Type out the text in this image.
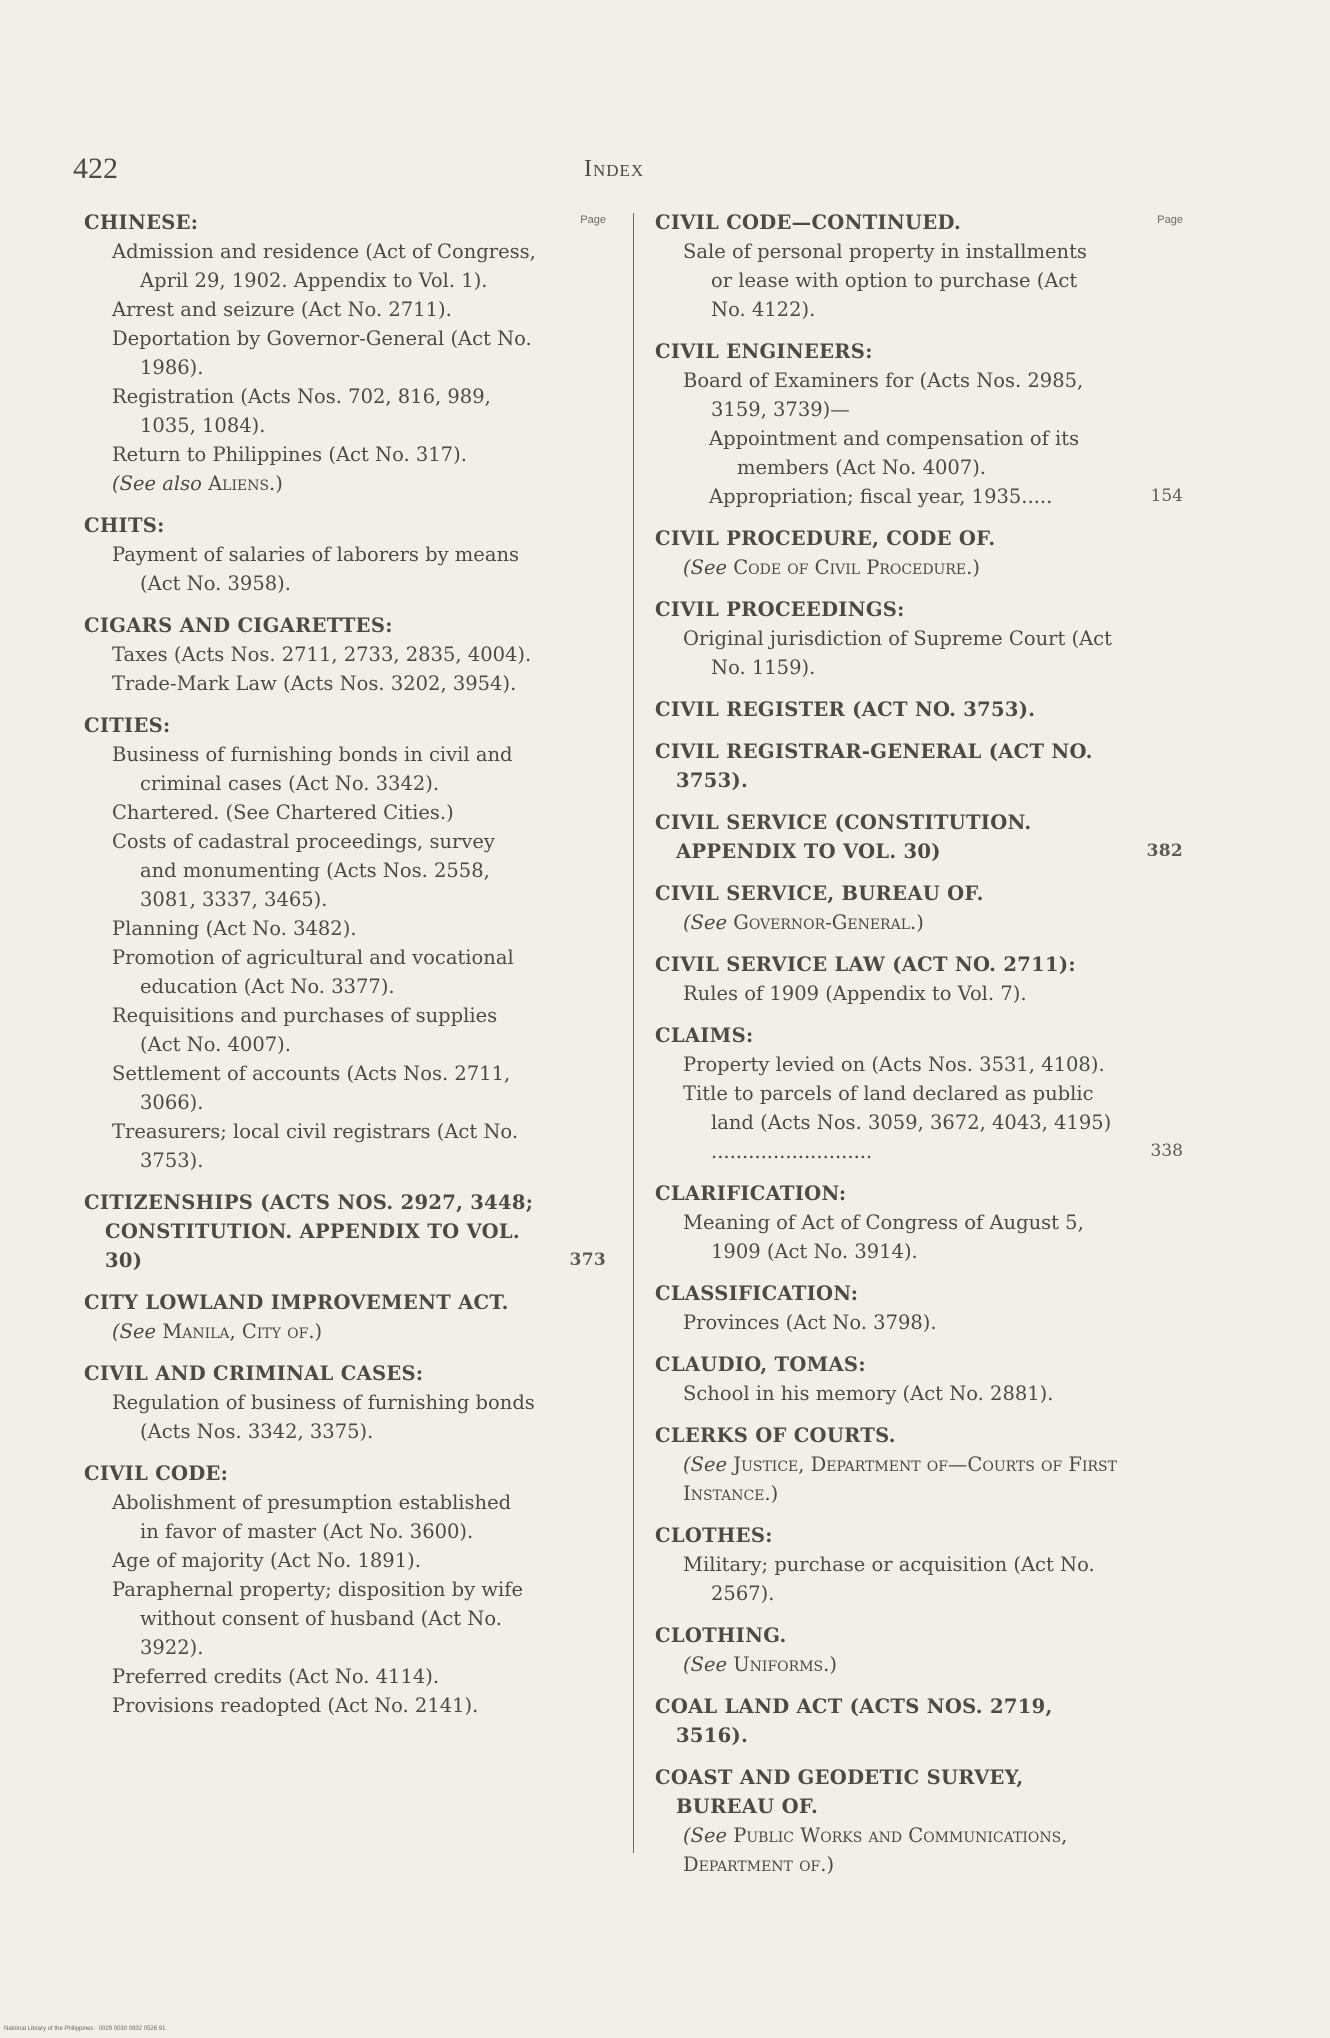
422	Index
Page
CHINESE:
Admission and residence (Act of Congress, April 29, 1902. Appendix to Vol. 1).
Arrest and seizure (Act No. 2711).
Deportation by Governor-General (Act No. 1986).
Registration (Acts Nos. 702, 816, 989, 1035, 1084).
Return to Philippines (Act No. 317).
(See also Aliens.)
CHITS:
Payment of salaries of laborers by means (Act No. 3958).
CIGARS AND CIGARETTES:
Taxes (Acts Nos. 2711, 2733, 2835, 4004).
Trade-Mark Law (Acts Nos. 3202, 3954).
CITIES:
Business of furnishing bonds in civil and criminal cases (Act No. 3342).
Chartered. (See Chartered Cities.)
Costs of cadastral proceedings, survey and monumenting (Acts Nos. 2558, 3081, 3337, 3465).
Planning (Act No. 3482).
Promotion of agricultural and vocational education (Act No. 3377).
Requisitions and purchases of supplies (Act No. 4007).
Settlement of accounts (Acts Nos. 2711, 3066).
Treasurers; local civil registrars (Act No. 3753).
CITIZENSHIPS (ACTS NOS. 2927, 3448; CONSTITUTION. APPENDIX TO VOL. 30)	373
CITY LOWLAND IMPROVEMENT ACT.
(See Manila, City of.)
CIVIL AND CRIMINAL CASES:
Regulation of business of furnishing bonds (Acts Nos. 3342, 3375).
CIVIL CODE:
Abolishment of presumption established in favor of master (Act No. 3600).
Age of majority (Act No. 1891).
Paraphernal property; disposition by wife without consent of husband (Act No. 3922).
Preferred credits (Act No. 4114).
Provisions readopted (Act No. 2141).
Page
CIVIL CODE—CONTINUED.
Sale of personal property in installments or lease with option to purchase (Act No. 4122).
CIVIL ENGINEERS:
Board of Examiners for (Acts Nos. 2985, 3159, 3739)—
Appointment and compensation of its members (Act No. 4007).
Appropriation; fiscal year, 1935.....	154
CIVIL PROCEDURE, CODE OF.
(See Code of Civil Procedure.)
CIVIL PROCEEDINGS:
Original jurisdiction of Supreme Court (Act No. 1159).
CIVIL REGISTER (ACT NO. 3753).
CIVIL REGISTRAR-GENERAL (ACT NO. 3753).
CIVIL SERVICE (CONSTITUTION. APPENDIX TO VOL. 30)	382
CIVIL SERVICE, BUREAU OF.
(See Governor-General.)
CIVIL SERVICE LAW (ACT NO. 2711):
Rules of 1909 (Appendix to Vol. 7).
CLAIMS:
Property levied on (Acts Nos. 3531, 4108).
Title to parcels of land declared as public land (Acts Nos. 3059, 3672, 4043, 4195) ..........................	338
CLARIFICATION:
Meaning of Act of Congress of August 5, 1909 (Act No. 3914).
CLASSIFICATION:
Provinces (Act No. 3798).
CLAUDIO, TOMAS:
School in his memory (Act No. 2881).
CLERKS OF COURTS.
(See Justice, Department of—Courts of First Instance.)
CLOTHES:
Military; purchase or acquisition (Act No. 2567).
CLOTHING.
(See Uniforms.)
COAL LAND ACT (ACTS NOS. 2719, 3516).
COAST AND GEODETIC SURVEY, BUREAU OF.
(See Public Works and Communications, Department of.)
National Library of the Philippines · 0029 0030 0932 0526 91
